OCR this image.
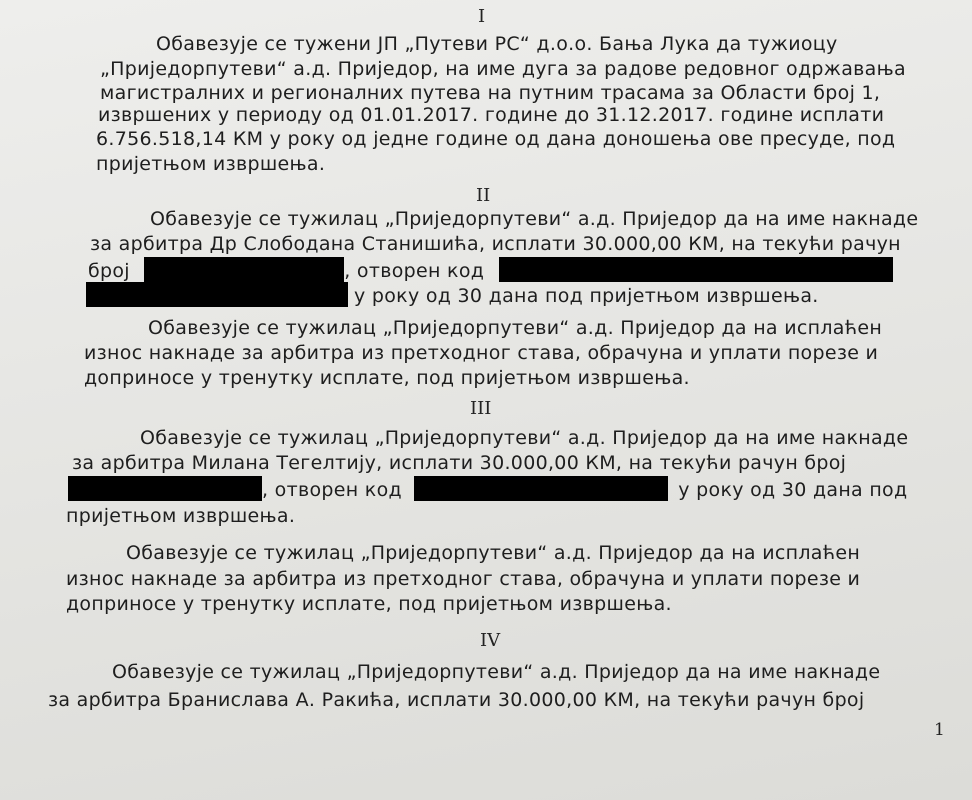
I
Обавезује се тужени ЈП „Путеви РС“ д.о.о. Бања Лука да тужиоцу
„Приједорпутеви“ а.д. Приједор, на име дуга за радове редовног одржавања
магистралних и регионалних путева на путним трасама за Области број 1,
извршених у периоду од 01.01.2017. године до 31.12.2017. године исплати
6.756.518,14 КМ у року од једне године од дана доношења ове пресуде, под
пријетњом извршења.
II
Обавезује се тужилац „Приједорпутеви“ а.д. Приједор да на име накнаде
за арбитра Др Слободана Станишића, исплати 30.000,00 КМ, на текући рачун
број	, отворен код
у року од 30 дана под пријетњом извршења.
Обавезује се тужилац „Приједорпутеви“ а.д. Приједор да на исплаћен
износ накнаде за арбитра из претходног става, обрачуна и уплати порезе и
доприносе у тренутку исплате, под пријетњом извршења.
III
Обавезује се тужилац „Приједорпутеви“ а.д. Приједор да на име накнаде
за арбитра Милана Тегелтију, исплати 30.000,00 КМ, на текући рачун број
, отворен код	у року од 30 дана под
пријетњом извршења.
Обавезује се тужилац „Приједорпутеви“ а.д. Приједор да на исплаћен
износ накнаде за арбитра из претходног става, обрачуна и уплати порезе и
доприносе у тренутку исплате, под пријетњом извршења.
IV
Обавезује се тужилац „Приједорпутеви“ а.д. Приједор да на име накнаде
за арбитра Бранислава А. Ракића, исплати 30.000,00 КМ, на текући рачун број
1
